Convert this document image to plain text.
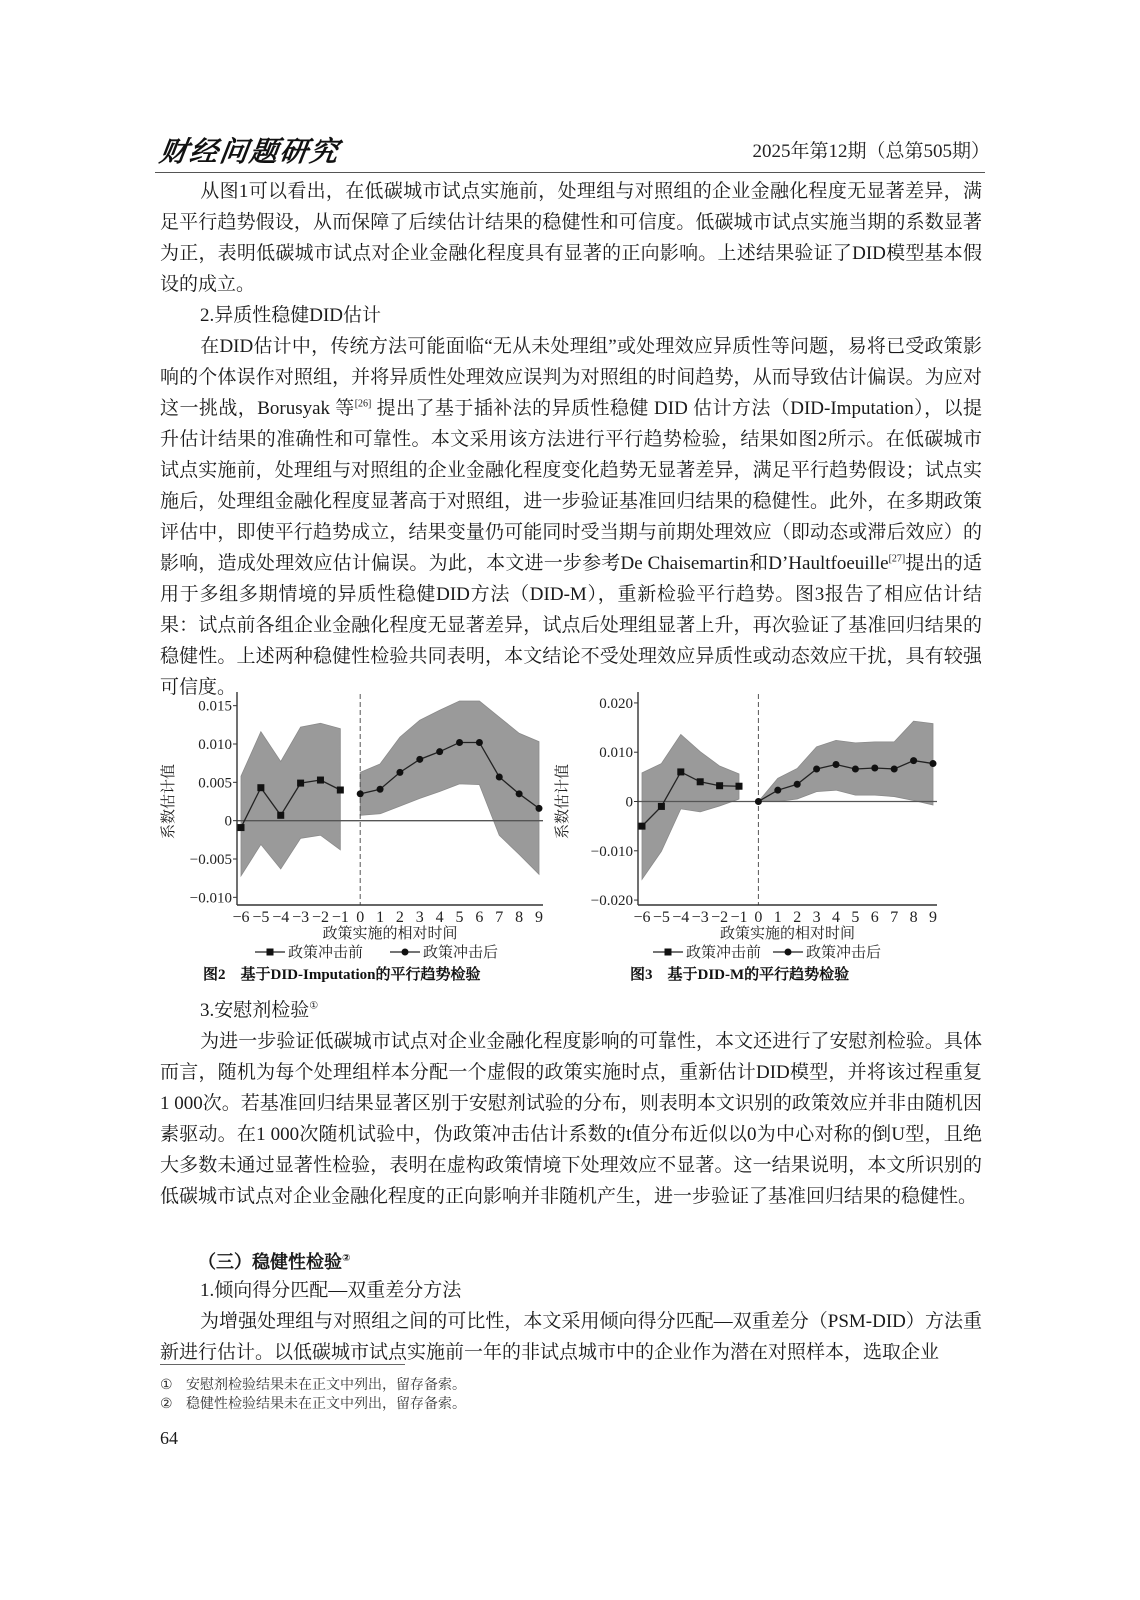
财经问题研究	2025年第12期（总第505期）
从图1可以看出，在低碳城市试点实施前，处理组与对照组的企业金融化程度无显著差异，满足平行趋势假设，从而保障了后续估计结果的稳健性和可信度。低碳城市试点实施当期的系数显著为正，表明低碳城市试点对企业金融化程度具有显著的正向影响。上述结果验证了DID模型基本假设的成立。
2.异质性稳健DID估计
在DID估计中，传统方法可能面临“无从未处理组”或处理效应异质性等问题，易将已受政策影响的个体误作对照组，并将异质性处理效应误判为对照组的时间趋势，从而导致估计偏误。为应对这一挑战，Borusyak 等[26] 提出了基于插补法的异质性稳健 DID 估计方法（DID-Imputation），以提升估计结果的准确性和可靠性。本文采用该方法进行平行趋势检验，结果如图2所示。在低碳城市试点实施前，处理组与对照组的企业金融化程度变化趋势无显著差异，满足平行趋势假设；试点实施后，处理组金融化程度显著高于对照组，进一步验证基准回归结果的稳健性。此外，在多期政策评估中，即使平行趋势成立，结果变量仍可能同时受当期与前期处理效应（即动态或滞后效应）的影响，造成处理效应估计偏误。为此，本文进一步参考De Chaisemartin和D’Haultfoeuille[27]提出的适用于多组多期情境的异质性稳健DID方法（DID-M），重新检验平行趋势。图3报告了相应估计结果：试点前各组企业金融化程度无显著差异，试点后处理组显著上升，再次验证了基准回归结果的稳健性。上述两种稳健性检验共同表明，本文结论不受处理效应异质性或动态效应干扰，具有较强可信度。
0.015
0.010
0.005
0
−0.005
−0.010
−6 −5 −4 −3 −2 −1 0 1 2 3 4 5 6 7 8 9
政策实施的相对时间
系数估计值
政策冲击前	政策冲击后
图2　基于DID-Imputation的平行趋势检验
0.020
0.010
0
−0.010
−0.020
−6 −5 −4 −3 −2 −1 0 1 2 3 4 5 6 7 8 9
政策实施的相对时间
系数估计值
政策冲击前	政策冲击后
图3　基于DID-M的平行趋势检验
3.安慰剂检验①
为进一步验证低碳城市试点对企业金融化程度影响的可靠性，本文还进行了安慰剂检验。具体而言，随机为每个处理组样本分配一个虚假的政策实施时点，重新估计DID模型，并将该过程重复1 000次。若基准回归结果显著区别于安慰剂试验的分布，则表明本文识别的政策效应并非由随机因素驱动。在1 000次随机试验中，伪政策冲击估计系数的t值分布近似以0为中心对称的倒U型，且绝大多数未通过显著性检验，表明在虚构政策情境下处理效应不显著。这一结果说明，本文所识别的低碳城市试点对企业金融化程度的正向影响并非随机产生，进一步验证了基准回归结果的稳健性。
（三）稳健性检验②
1.倾向得分匹配—双重差分方法
为增强处理组与对照组之间的可比性，本文采用倾向得分匹配—双重差分（PSM-DID）方法重新进行估计。以低碳城市试点实施前一年的非试点城市中的企业作为潜在对照样本，选取企业
① 安慰剂检验结果未在正文中列出，留存备索。
② 稳健性检验结果未在正文中列出，留存备索。
64
